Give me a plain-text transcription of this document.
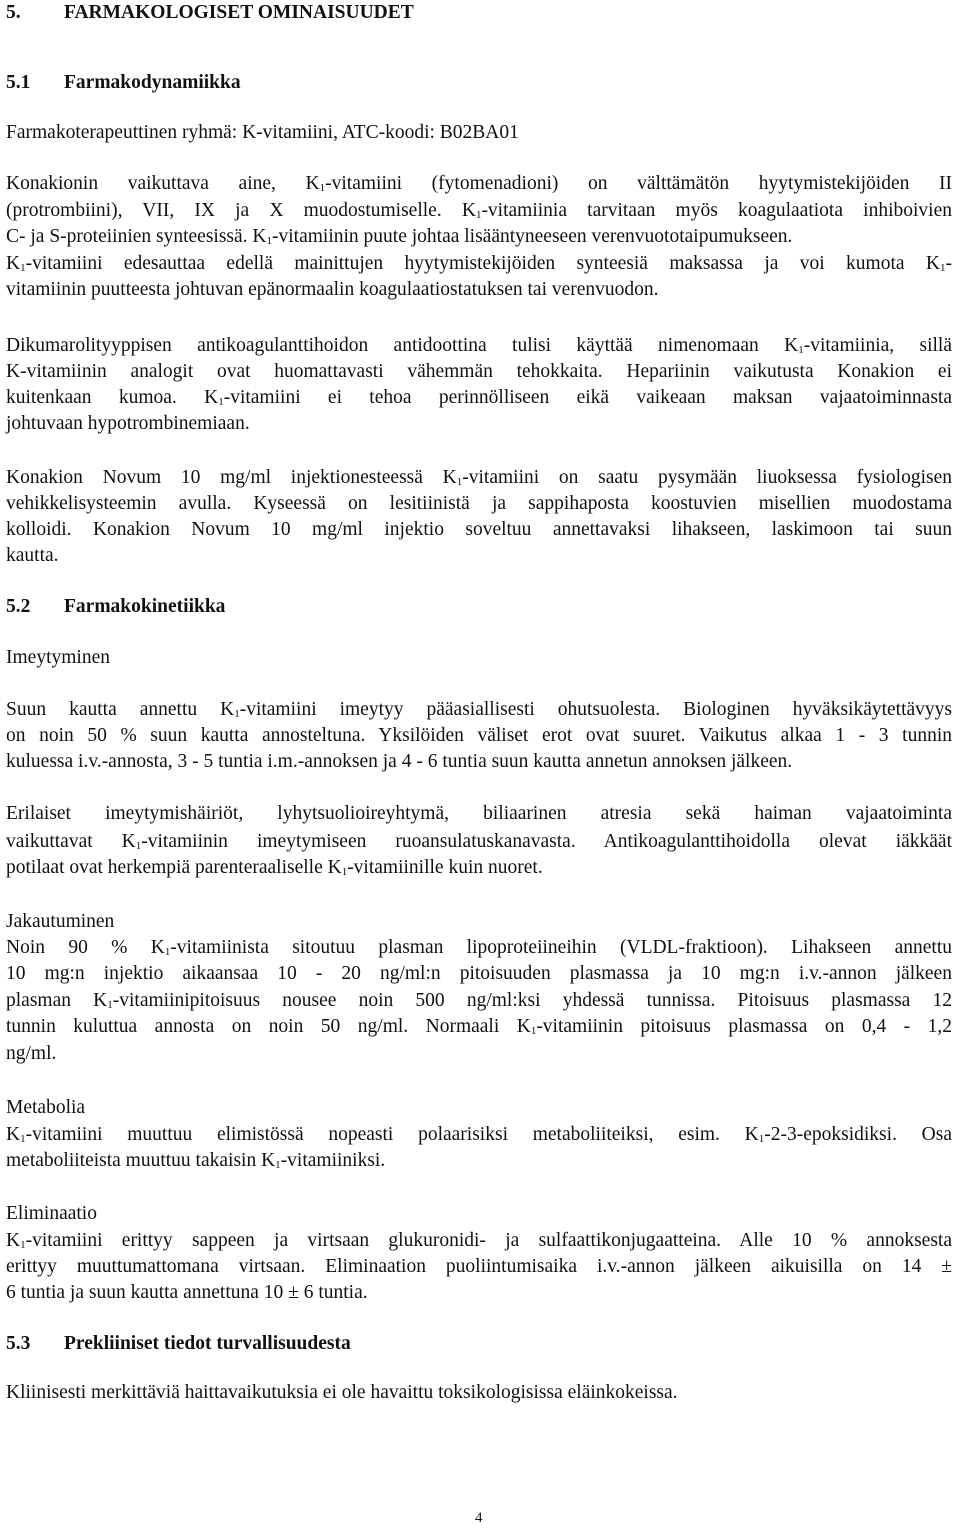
5. FARMAKOLOGISET OMINAISUUDET
5.1 Farmakodynamiikka
Farmakoterapeuttinen ryhmä: K-vitamiini, ATC-koodi: B02BA01
Konakionin vaikuttava aine, $K_1$-vitamiini (fytomenadioni) on välttämätön hyytymistekijöiden II
(protrombiini), VII, IX ja X muodostumiselle. $K_1$-vitamiinia tarvitaan myös koagulaatiota inhiboivien
C- ja S-proteiinien synteesissä. $K_1$-vitamiinin puute johtaa lisääntyneeseen verenvuototaipumukseen.
$K_1$-vitamiini edesauttaa edellä mainittujen hyytymistekijöiden synteesiä maksassa ja voi kumota $K_1-$
vitamiinin puutteesta johtuvan epänormaalin koagulaatiostatuksen tai verenvuodon.
Dikumarolityyppisen antikoagulanttihoidon antidoottina tulisi käyttää nimenomaan $K_1$-vitamiinia, sillä
K-vitamiinin analogit ovat huomattavasti vähemmän tehokkaita. Hepariinin vaikutusta Konakion ei
kuitenkaan kumoa. $K_1$-vitamiini ei tehoa perinnölliseen eikä vaikeaan maksan vajaatoiminnasta
johtuvaan hypotrombinemiaan.
Konakion Novum 10 mg/ml injektionesteessä $K_1$-vitamiini on saatu pysymään liuoksessa fysiologisen
vehikkelisysteemin avulla. Kyseessä on lesitiinistä ja sappihaposta koostuvien misellien muodostama
kolloidi. Konakion Novum 10 mg/ml injektio soveltuu annettavaksi lihakseen, laskimoon tai suun
kautta.
5.2 Farmakokinetiikka
Imeytyminen
Suun kautta annettu $K_1$-vitamiini imeytyy pääasiallisesti ohutsuolesta. Biologinen hyväksikäytettävyys
on noin 50 % suun kautta annosteltuna. Yksilöiden väliset erot ovat suuret. Vaikutus alkaa 1 - 3 tunnin
kuluessa i.v.-annosta, 3 - 5 tuntia i.m.-annoksen ja 4 - 6 tuntia suun kautta annetun annoksen jälkeen.
Erilaiset imeytymishäiriöt, lyhytsuolioireyhtymä, biliaarinen atresia sekä haiman vajaatoiminta
vaikuttavat $K_1$-vitamiinin imeytymiseen ruoansulatuskanavasta. Antikoagulanttihoidolla olevat iäkkäät
potilaat ovat herkempiä parenteraaliselle $K_1$-vitamiinille kuin nuoret.
Jakautuminen
Noin 90 % $K_1$-vitamiinista sitoutuu plasman lipoproteiineihin (VLDL-fraktioon). Lihakseen annettu
10 mg:n injektio aikaansaa 10 - 20 ng/ml:n pitoisuuden plasmassa ja 10 mg:n i.v.-annon jälkeen
plasman $K_1$-vitamiinipitoisuus nousee noin 500 ng/ml:ksi yhdessä tunnissa. Pitoisuus plasmassa 12
tunnin kuluttua annosta on noin 50 ng/ml. Normaali $K_1$-vitamiinin pitoisuus plasmassa on 0,4 - 1,2
ng/ml.
Metabolia
$K_1$-vitamiini muuttuu elimistössä nopeasti polaarisiksi metaboliiteiksi, esim. $K_1-2-3$-epoksidiksi. Osa
metaboliiteista muuttuu takaisin $K_1$-vitamiiniksi.
Eliminaatio
$K_1$-vitamiini erittyy sappeen ja virtsaan glukuronidi- ja sulfaattikonjugaatteina. Alle 10 % annoksesta
erittyy muuttumattomana virtsaan. Eliminaation puoliintumisaika i.v.-annon jälkeen aikuisilla on 14 ±
6 tuntia ja suun kautta annettuna 10 ± 6 tuntia.
5.3 Prekliiniset tiedot turvallisuudesta
Kliinisesti merkittäviä haittavaikutuksia ei ole havaittu toksikologisissa eläinkokeissa.
4
